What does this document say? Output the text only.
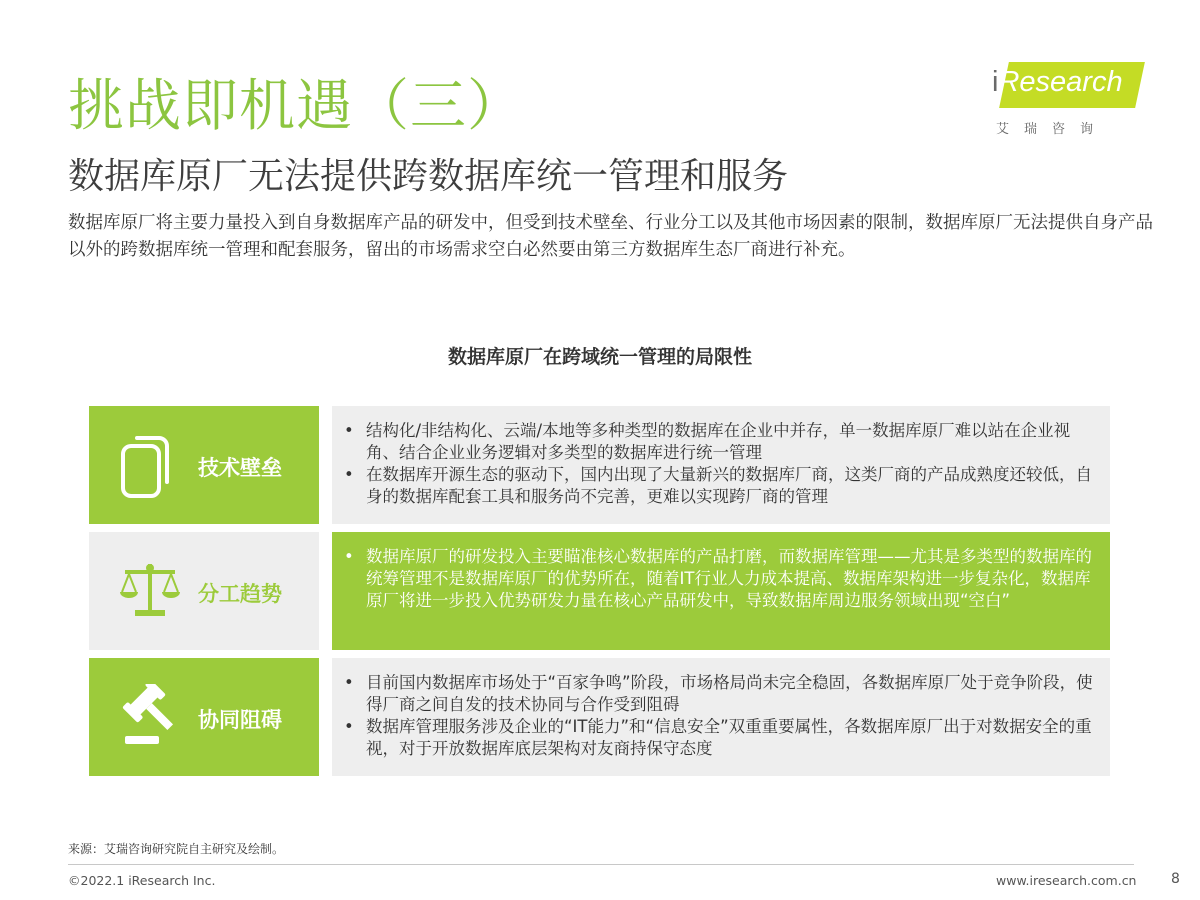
挑战即机遇（三）
数据库原厂无法提供跨数据库统一管理和服务
iResearch
艾瑞咨询
数据库原厂将主要力量投入到自身数据库产品的研发中，但受到技术壁垒、行业分工以及其他市场因素的限制，数据库原厂无法提供自身产品以外的跨数据库统一管理和配套服务，留出的市场需求空白必然要由第三方数据库生态厂商进行补充。
数据库原厂在跨域统一管理的局限性
技术壁垒
• 结构化/非结构化、云端/本地等多种类型的数据库在企业中并存，单一数据库原厂难以站在企业视角、结合企业业务逻辑对多类型的数据库进行统一管理
• 在数据库开源生态的驱动下，国内出现了大量新兴的数据库厂商，这类厂商的产品成熟度还较低，自身的数据库配套工具和服务尚不完善，更难以实现跨厂商的管理
分工趋势
• 数据库原厂的研发投入主要瞄准核心数据库的产品打磨，而数据库管理——尤其是多类型的数据库的统筹管理不是数据库原厂的优势所在，随着IT行业人力成本提高、数据库架构进一步复杂化，数据库原厂将进一步投入优势研发力量在核心产品研发中，导致数据库周边服务领域出现“空白”
协同阻碍
• 目前国内数据库市场处于“百家争鸣”阶段，市场格局尚未完全稳固，各数据库原厂处于竞争阶段，使得厂商之间自发的技术协同与合作受到阻碍
• 数据库管理服务涉及企业的“IT能力”和“信息安全”双重重要属性，各数据库原厂出于对数据安全的重视，对于开放数据库底层架构对友商持保守态度
来源：艾瑞咨询研究院自主研究及绘制。
©2022.1 iResearch Inc.	www.iresearch.com.cn 8
